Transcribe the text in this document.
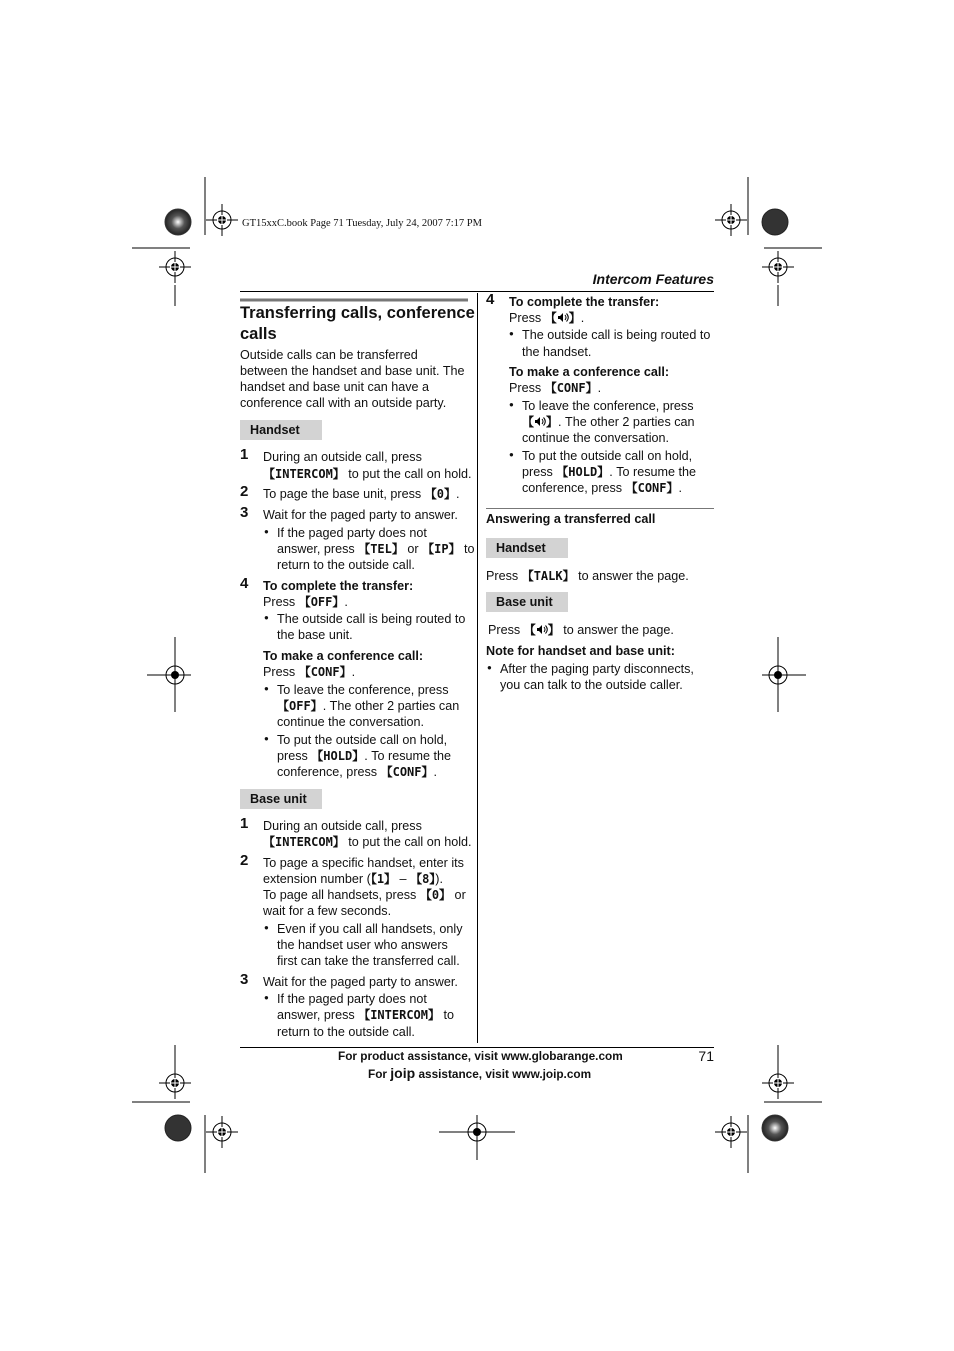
GT15xxC.book Page 71 Tuesday, July 24, 2007 7:17 PM
Intercom Features
Transferring calls, conference
calls
Outside calls can be transferred
between the handset and base unit. The
handset and base unit can have a
conference call with an outside party.
Handset
1 During an outside call, press
【INTERCOM】 to put the call on hold.
2 To page the base unit, press 【0】.
3 Wait for the paged party to answer.
● If the paged party does not
answer, press 【TEL】 or 【IP】 to
return to the outside call.
4 To complete the transfer:
Press 【OFF】.
● The outside call is being routed to
the base unit.
To make a conference call:
Press 【CONF】.
● To leave the conference, press
【OFF】. The other 2 parties can
continue the conversation.
● To put the outside call on hold,
press 【HOLD】. To resume the
conference, press 【CONF】.
Base unit
1 During an outside call, press
【INTERCOM】 to put the call on hold.
2 To page a specific handset, enter its
extension number (【1】 – 【8】).
To page all handsets, press 【0】 or
wait for a few seconds.
● Even if you call all handsets, only
the handset user who answers
first can take the transferred call.
3 Wait for the paged party to answer.
● If the paged party does not
answer, press 【INTERCOM】 to
return to the outside call.
4 To complete the transfer:
Press 【 】.
● The outside call is being routed to
the handset.
To make a conference call:
Press 【CONF】.
● To leave the conference, press
【 】. The other 2 parties can
continue the conversation.
● To put the outside call on hold,
press 【HOLD】. To resume the
conference, press 【CONF】.
Answering a transferred call
Handset
Press 【TALK】 to answer the page.
Base unit
Press 【 】 to answer the page.
Note for handset and base unit:
● After the paging party disconnects,
you can talk to the outside caller.
For product assistance, visit www.globarange.com
For joip assistance, visit www.joip.com
71
